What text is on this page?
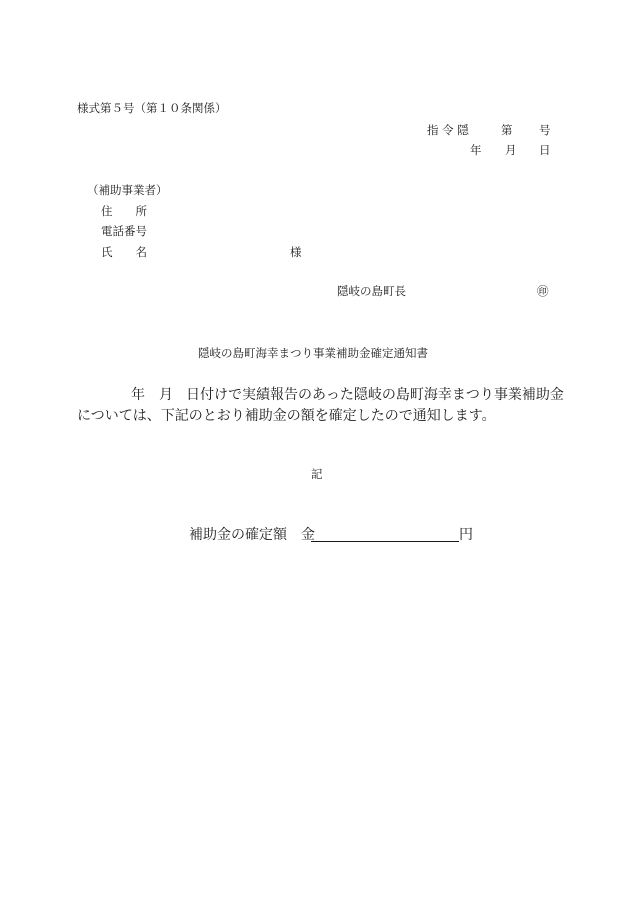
様式第５号（第１０条関係）
指 令 隠	第 号
年 月 日
（補助事業者）
住　　所
電話番号
氏　　名	様
隠岐の島町長	㊞
隠岐の島町海幸まつり事業補助金確定通知書
年 月 日付けで実績報告のあった隠岐の島町海幸まつり事業補助金
については、下記のとおり補助金の額を確定したので通知します。
記
補助金の確定額　金	円
